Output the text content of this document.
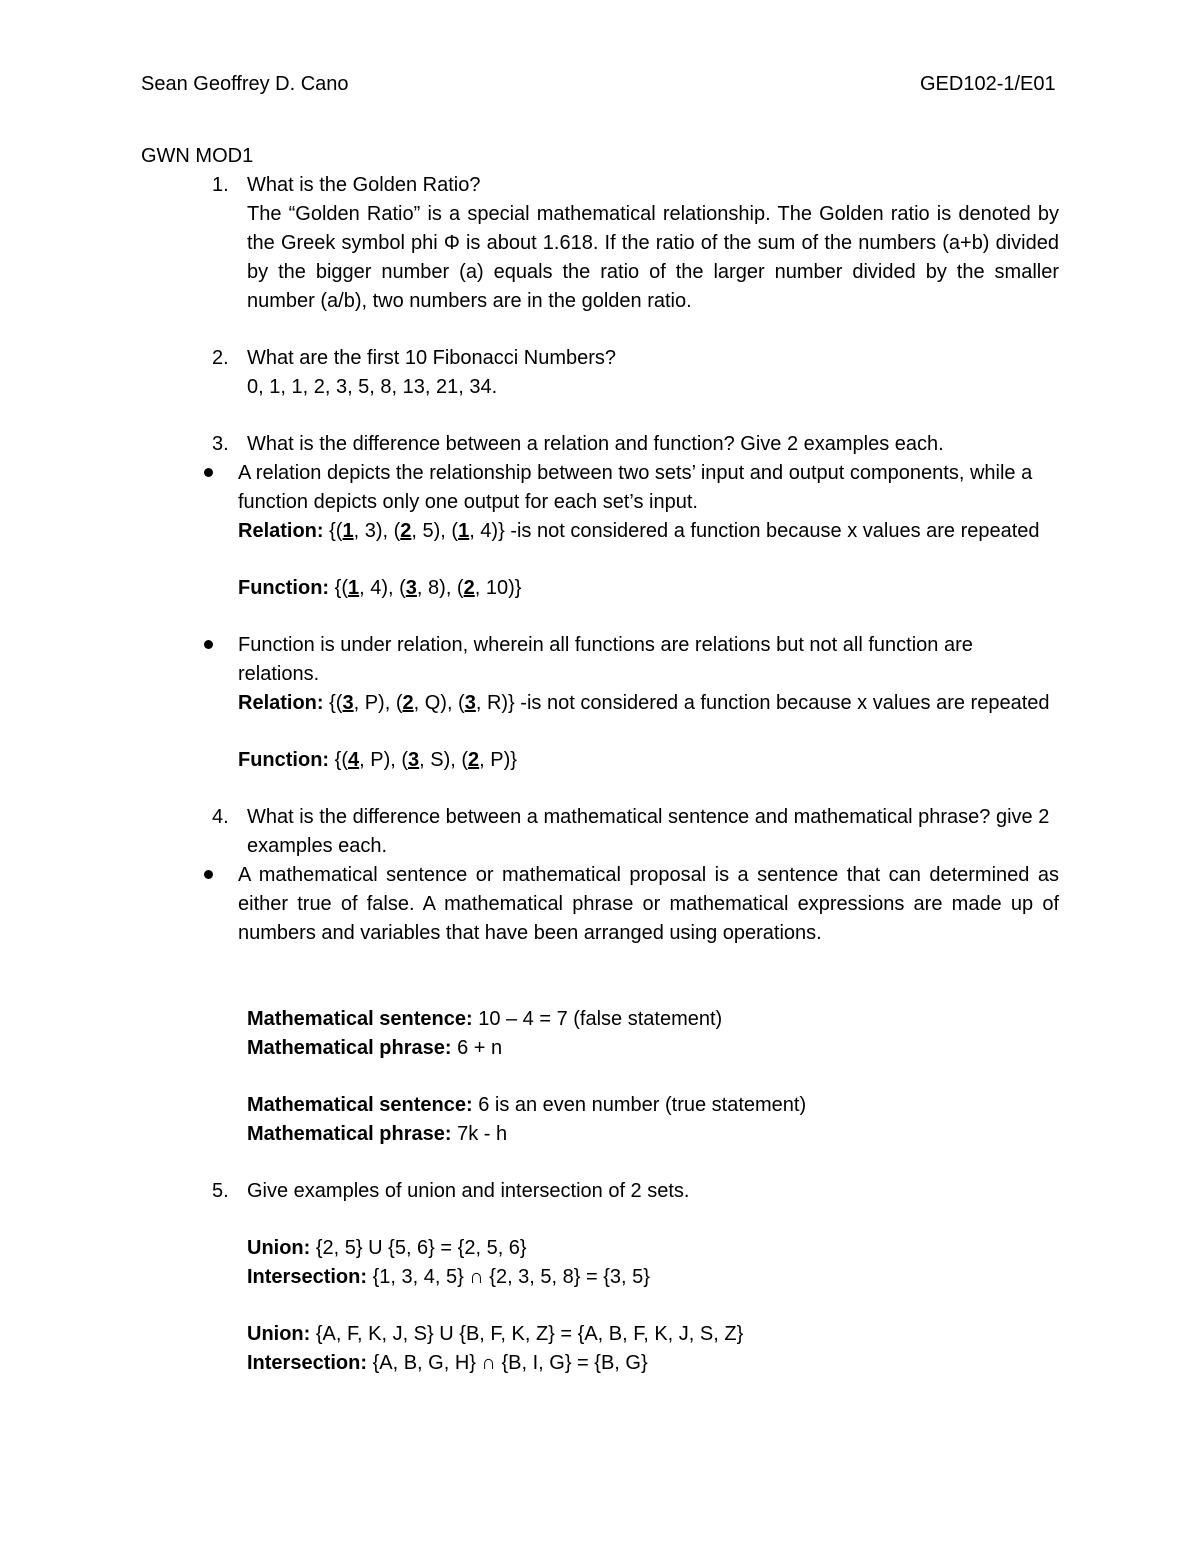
Sean Geoffrey D. Cano	GED102-1/E01
GWN MOD1
1. What is the Golden Ratio?
The “Golden Ratio” is a special mathematical relationship. The Golden ratio is denoted by the Greek symbol phi Φ is about 1.618. If the ratio of the sum of the numbers (a+b) divided by the bigger number (a) equals the ratio of the larger number divided by the smaller number (a/b), two numbers are in the golden ratio.
2. What are the first 10 Fibonacci Numbers?
0, 1, 1, 2, 3, 5, 8, 13, 21, 34.
3. What is the difference between a relation and function? Give 2 examples each.
A relation depicts the relationship between two sets’ input and output components, while a function depicts only one output for each set’s input.
Relation: {(1, 3), (2, 5), (1, 4)} -is not considered a function because x values are repeated
Function: {(1, 4), (3, 8), (2, 10)}
Function is under relation, wherein all functions are relations but not all function are relations.
Relation: {(3, P), (2, Q), (3, R)} -is not considered a function because x values are repeated
Function: {(4, P), (3, S), (2, P)}
4. What is the difference between a mathematical sentence and mathematical phrase? give 2 examples each.
A mathematical sentence or mathematical proposal is a sentence that can determined as either true of false. A mathematical phrase or mathematical expressions are made up of numbers and variables that have been arranged using operations.
Mathematical sentence: 10 – 4 = 7 (false statement)
Mathematical phrase: 6 + n
Mathematical sentence: 6 is an even number (true statement)
Mathematical phrase: 7k - h
5. Give examples of union and intersection of 2 sets.
Union: {2, 5} U {5, 6} = {2, 5, 6}
Intersection: {1, 3, 4, 5} ∩ {2, 3, 5, 8} = {3, 5}
Union: {A, F, K, J, S} U {B, F, K, Z} = {A, B, F, K, J, S, Z}
Intersection: {A, B, G, H} ∩ {B, I, G} = {B, G}
